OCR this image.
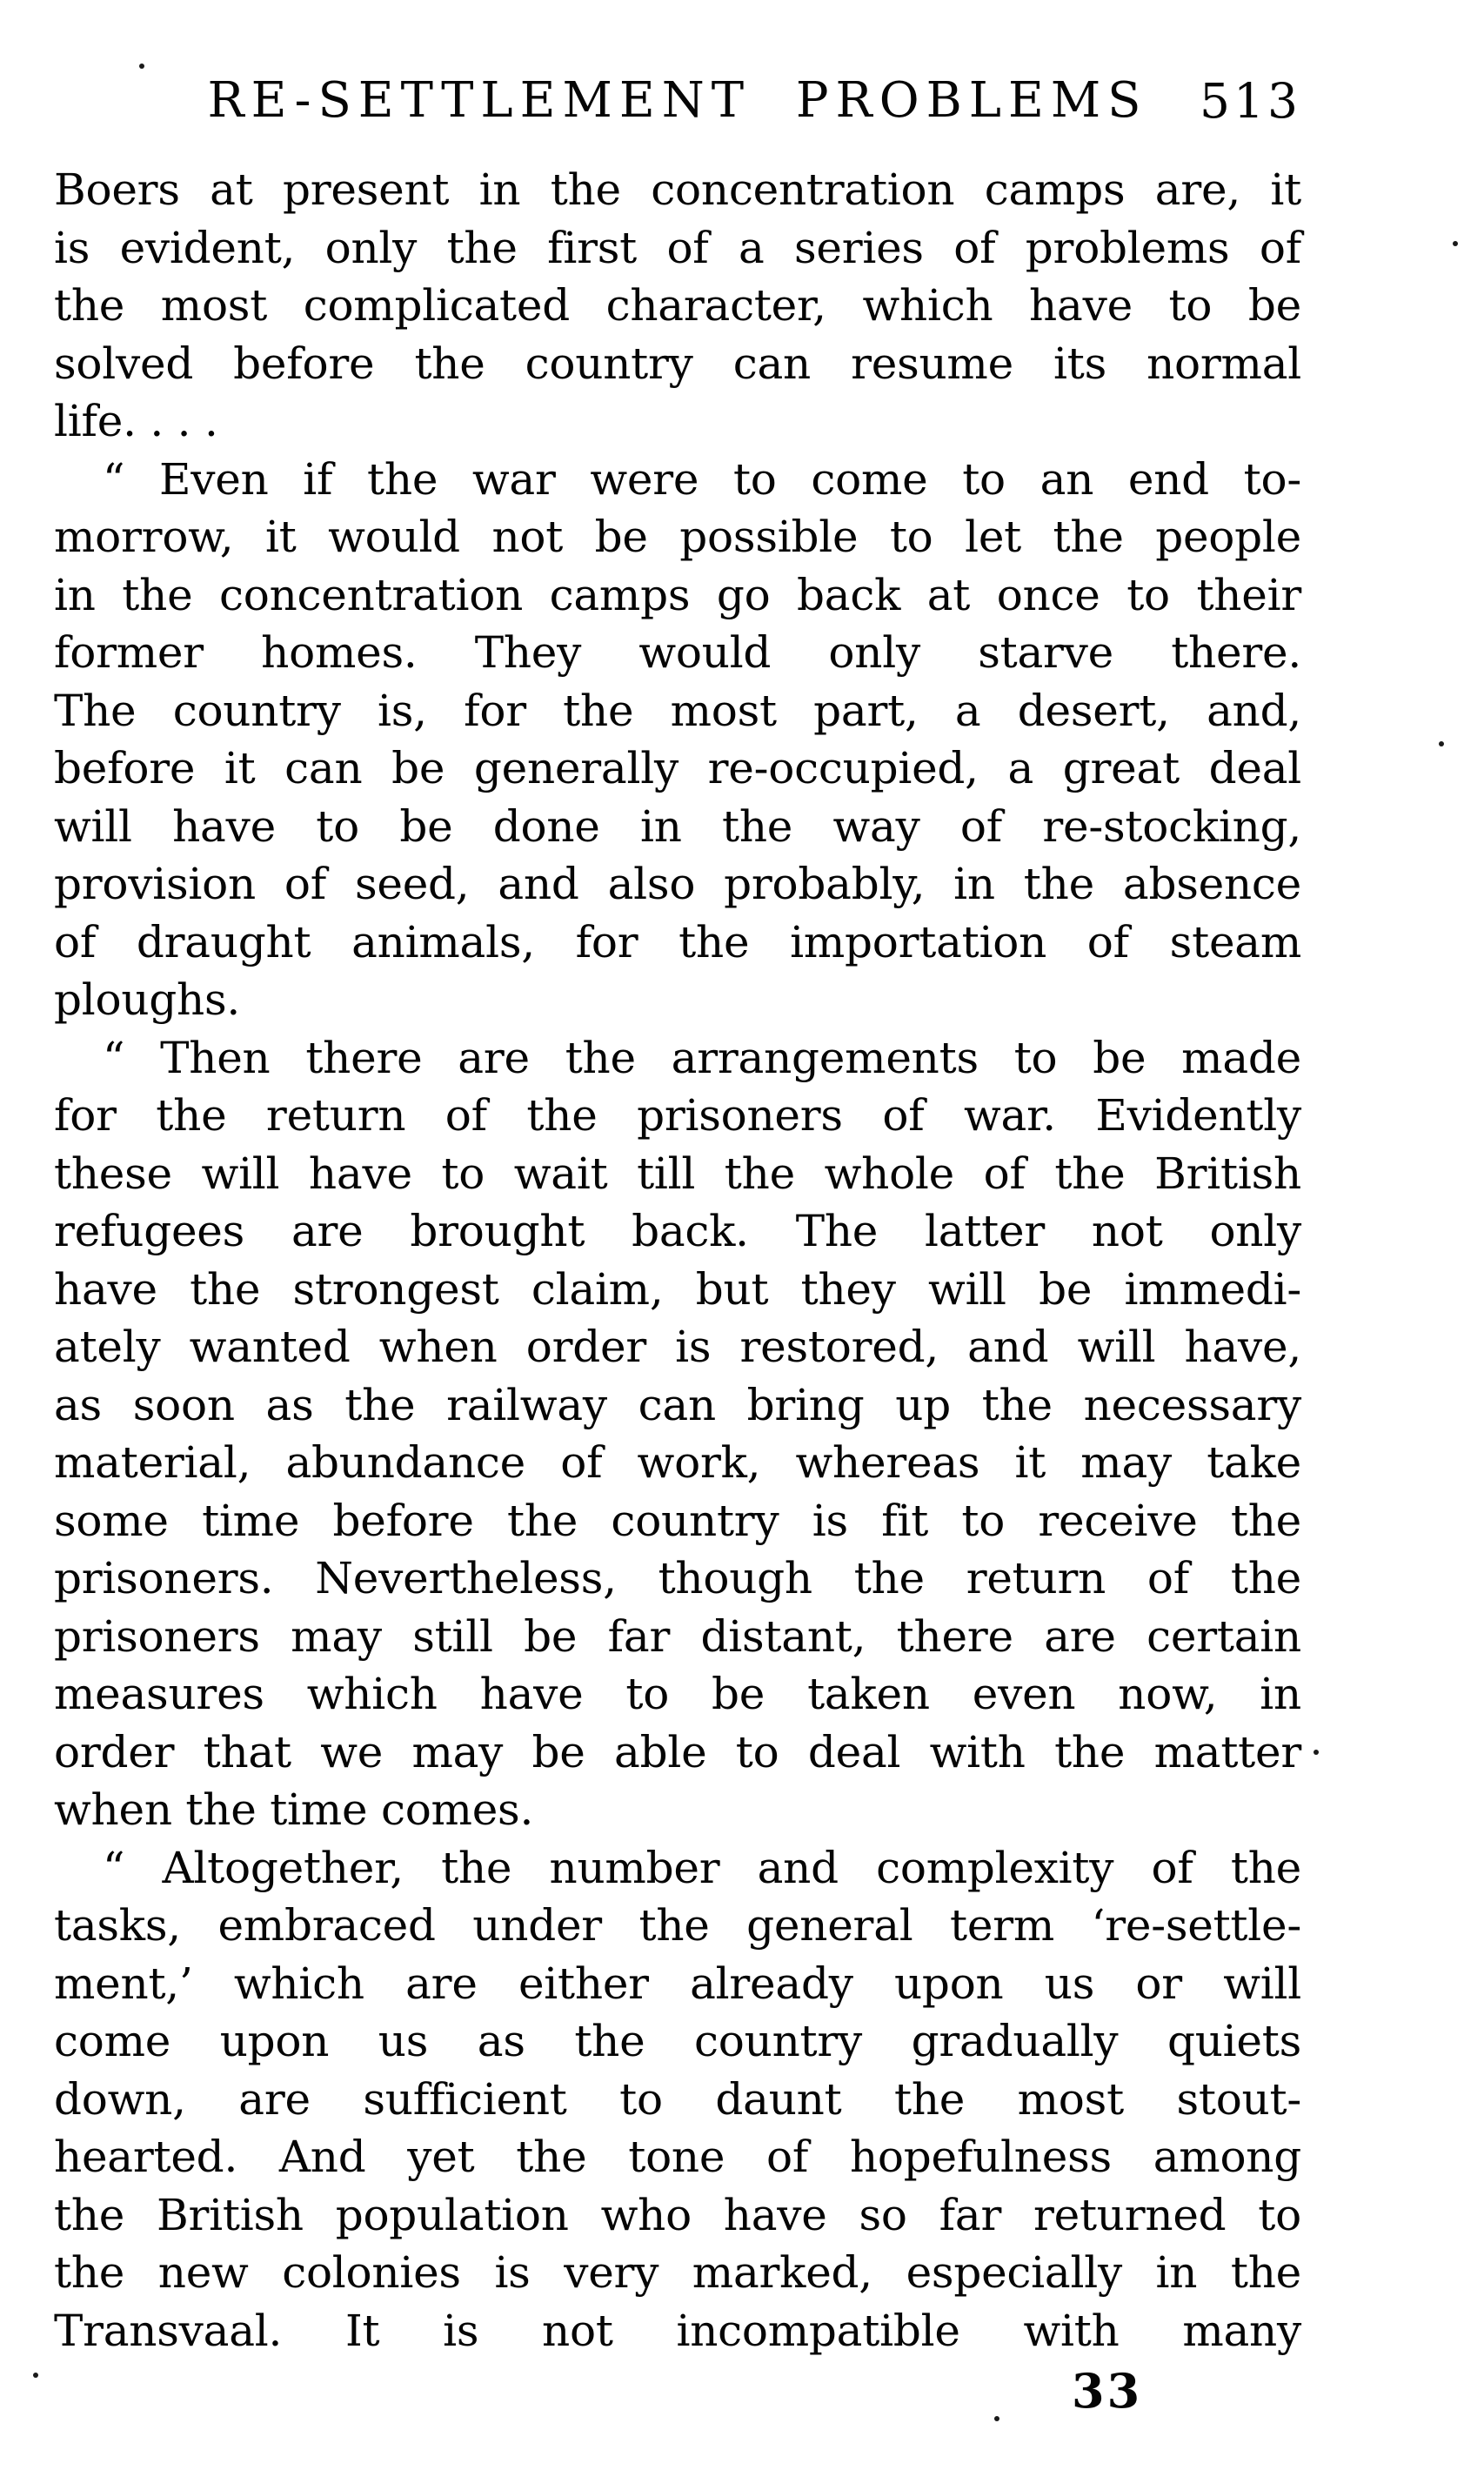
RE-SETTLEMENT PROBLEMS	513
Boers at present in the concentration camps are, it
is evident, only the first of a series of problems of
the most complicated character, which have to be
solved before the country can resume its normal
life. . . .
“ Even if the war were to come to an end to-
morrow, it would not be possible to let the people
in the concentration camps go back at once to their
former homes. They would only starve there.
The country is, for the most part, a desert, and,
before it can be generally re-occupied, a great deal
will have to be done in the way of re-stocking,
provision of seed, and also probably, in the absence
of draught animals, for the importation of steam
ploughs.
“ Then there are the arrangements to be made
for the return of the prisoners of war. Evidently
these will have to wait till the whole of the British
refugees are brought back. The latter not only
have the strongest claim, but they will be immedi-
ately wanted when order is restored, and will have,
as soon as the railway can bring up the necessary
material, abundance of work, whereas it may take
some time before the country is fit to receive the
prisoners. Nevertheless, though the return of the
prisoners may still be far distant, there are certain
measures which have to be taken even now, in
order that we may be able to deal with the matter
when the time comes.
“ Altogether, the number and complexity of the
tasks, embraced under the general term ‘re-settle-
ment,’ which are either already upon us or will
come upon us as the country gradually quiets
down, are sufficient to daunt the most stout-
hearted. And yet the tone of hopefulness among
the British population who have so far returned to
the new colonies is very marked, especially in the
Transvaal. It is not incompatible with many
33
